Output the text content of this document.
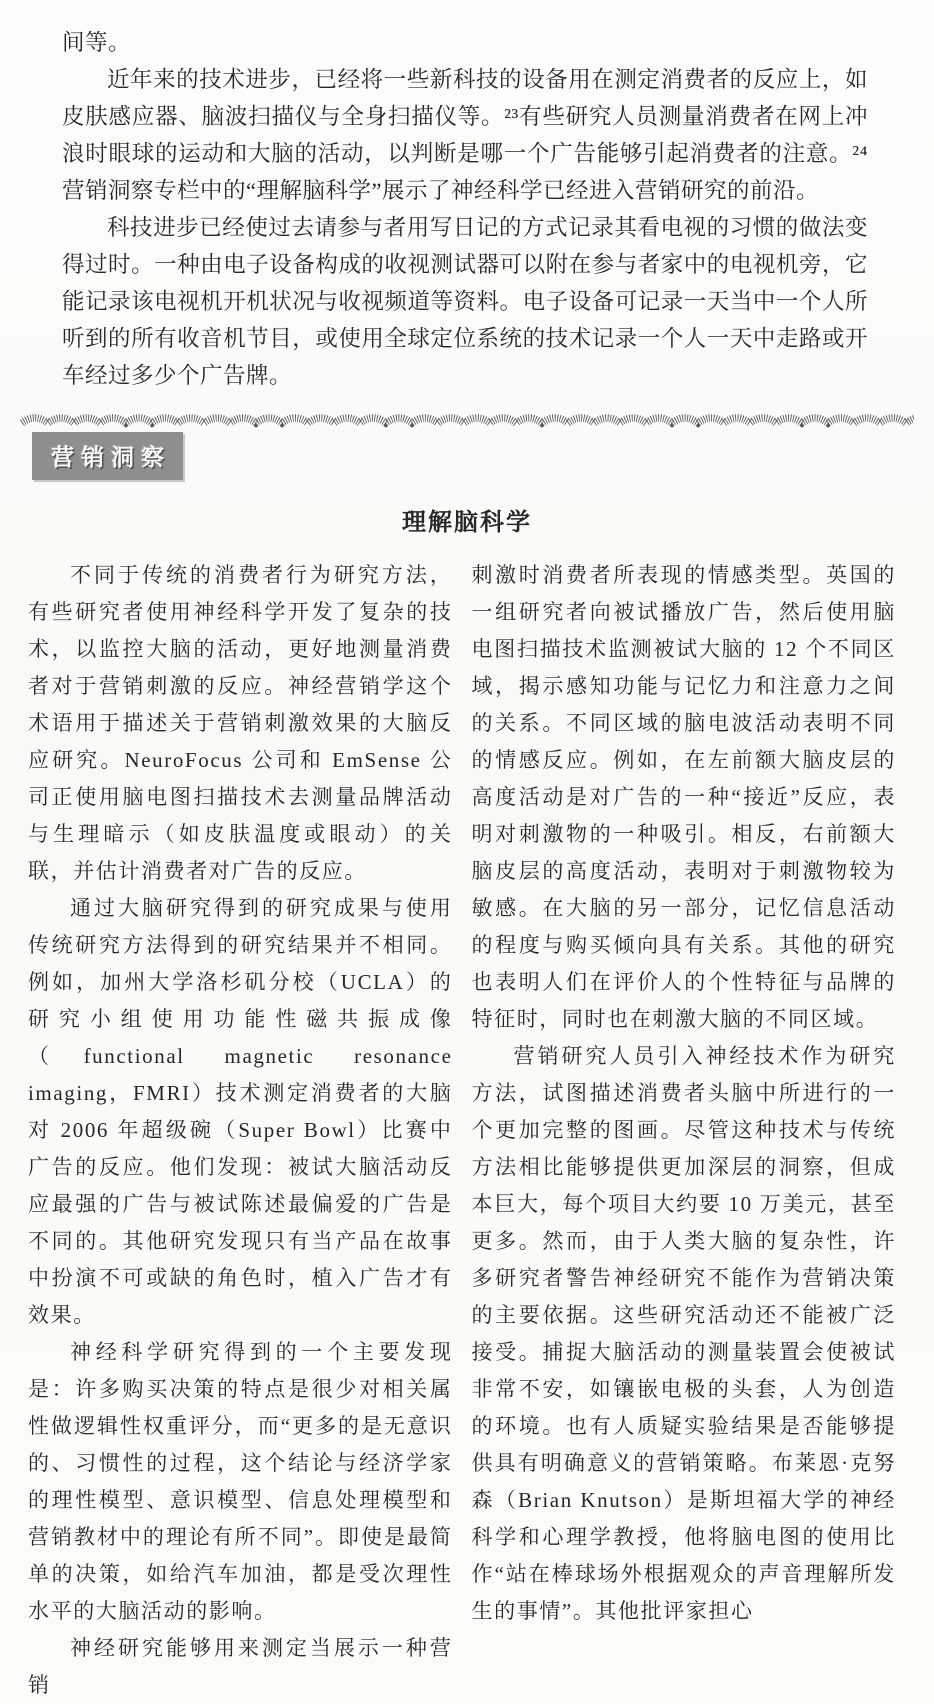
间等。

近年来的技术进步，已经将一些新科技的设备用在测定消费者的反应上，如皮肤感应器、脑波扫描仪与全身扫描仪等。²³有些研究人员测量消费者在网上冲浪时眼球的运动和大脑的活动，以判断是哪一个广告能够引起消费者的注意。²⁴营销洞察专栏中的“理解脑科学”展示了神经科学已经进入营销研究的前沿。

科技进步已经使过去请参与者用写日记的方式记录其看电视的习惯的做法变得过时。一种由电子设备构成的收视测试器可以附在参与者家中的电视机旁，它能记录该电视机开机状况与收视频道等资料。电子设备可记录一天当中一个人所听到的所有收音机节目，或使用全球定位系统的技术记录一个人一天中走路或开车经过多少个广告牌。

营销洞察
理解脑科学

不同于传统的消费者行为研究方法，有些研究者使用神经科学开发了复杂的技术，以监控大脑的活动，更好地测量消费者对于营销刺激的反应。神经营销学这个术语用于描述关于营销刺激效果的大脑反应研究。NeuroFocus 公司和 EmSense 公司正使用脑电图扫描技术去测量品牌活动与生理暗示（如皮肤温度或眼动）的关联，并估计消费者对广告的反应。

通过大脑研究得到的研究成果与使用传统研究方法得到的研究结果并不相同。例如，加州大学洛杉矶分校（UCLA）的研究小组使用功能性磁共振成像（functional magnetic resonance imaging，FMRI）技术测定消费者的大脑对 2006 年超级碗（Super Bowl）比赛中广告的反应。他们发现：被试大脑活动反应最强的广告与被试陈述最偏爱的广告是不同的。其他研究发现只有当产品在故事中扮演不可或缺的角色时，植入广告才有效果。

神经科学研究得到的一个主要发现是：许多购买决策的特点是很少对相关属性做逻辑性权重评分，而“更多的是无意识的、习惯性的过程，这个结论与经济学家的理性模型、意识模型、信息处理模型和营销教材中的理论有所不同”。即使是最简单的决策，如给汽车加油，都是受次理性水平的大脑活动的影响。

神经研究能够用来测定当展示一种营销

刺激时消费者所表现的情感类型。英国的一组研究者向被试播放广告，然后使用脑电图扫描技术监测被试大脑的 12 个不同区域，揭示感知功能与记忆力和注意力之间的关系。不同区域的脑电波活动表明不同的情感反应。例如，在左前额大脑皮层的高度活动是对广告的一种“接近”反应，表明对刺激物的一种吸引。相反，右前额大脑皮层的高度活动，表明对于刺激物较为敏感。在大脑的另一部分，记忆信息活动的程度与购买倾向具有关系。其他的研究也表明人们在评价人的个性特征与品牌的特征时，同时也在刺激大脑的不同区域。

营销研究人员引入神经技术作为研究方法，试图描述消费者头脑中所进行的一个更加完整的图画。尽管这种技术与传统方法相比能够提供更加深层的洞察，但成本巨大，每个项目大约要 10 万美元，甚至更多。然而，由于人类大脑的复杂性，许多研究者警告神经研究不能作为营销决策的主要依据。这些研究活动还不能被广泛接受。捕捉大脑活动的测量装置会使被试非常不安，如镶嵌电极的头套，人为创造的环境。也有人质疑实验结果是否能够提供具有明确意义的营销策略。布莱恩·克努森（Brian Knutson）是斯坦福大学的神经科学和心理学教授，他将脑电图的使用比作“站在棒球场外根据观众的声音理解所发生的事情”。其他批评家担心
